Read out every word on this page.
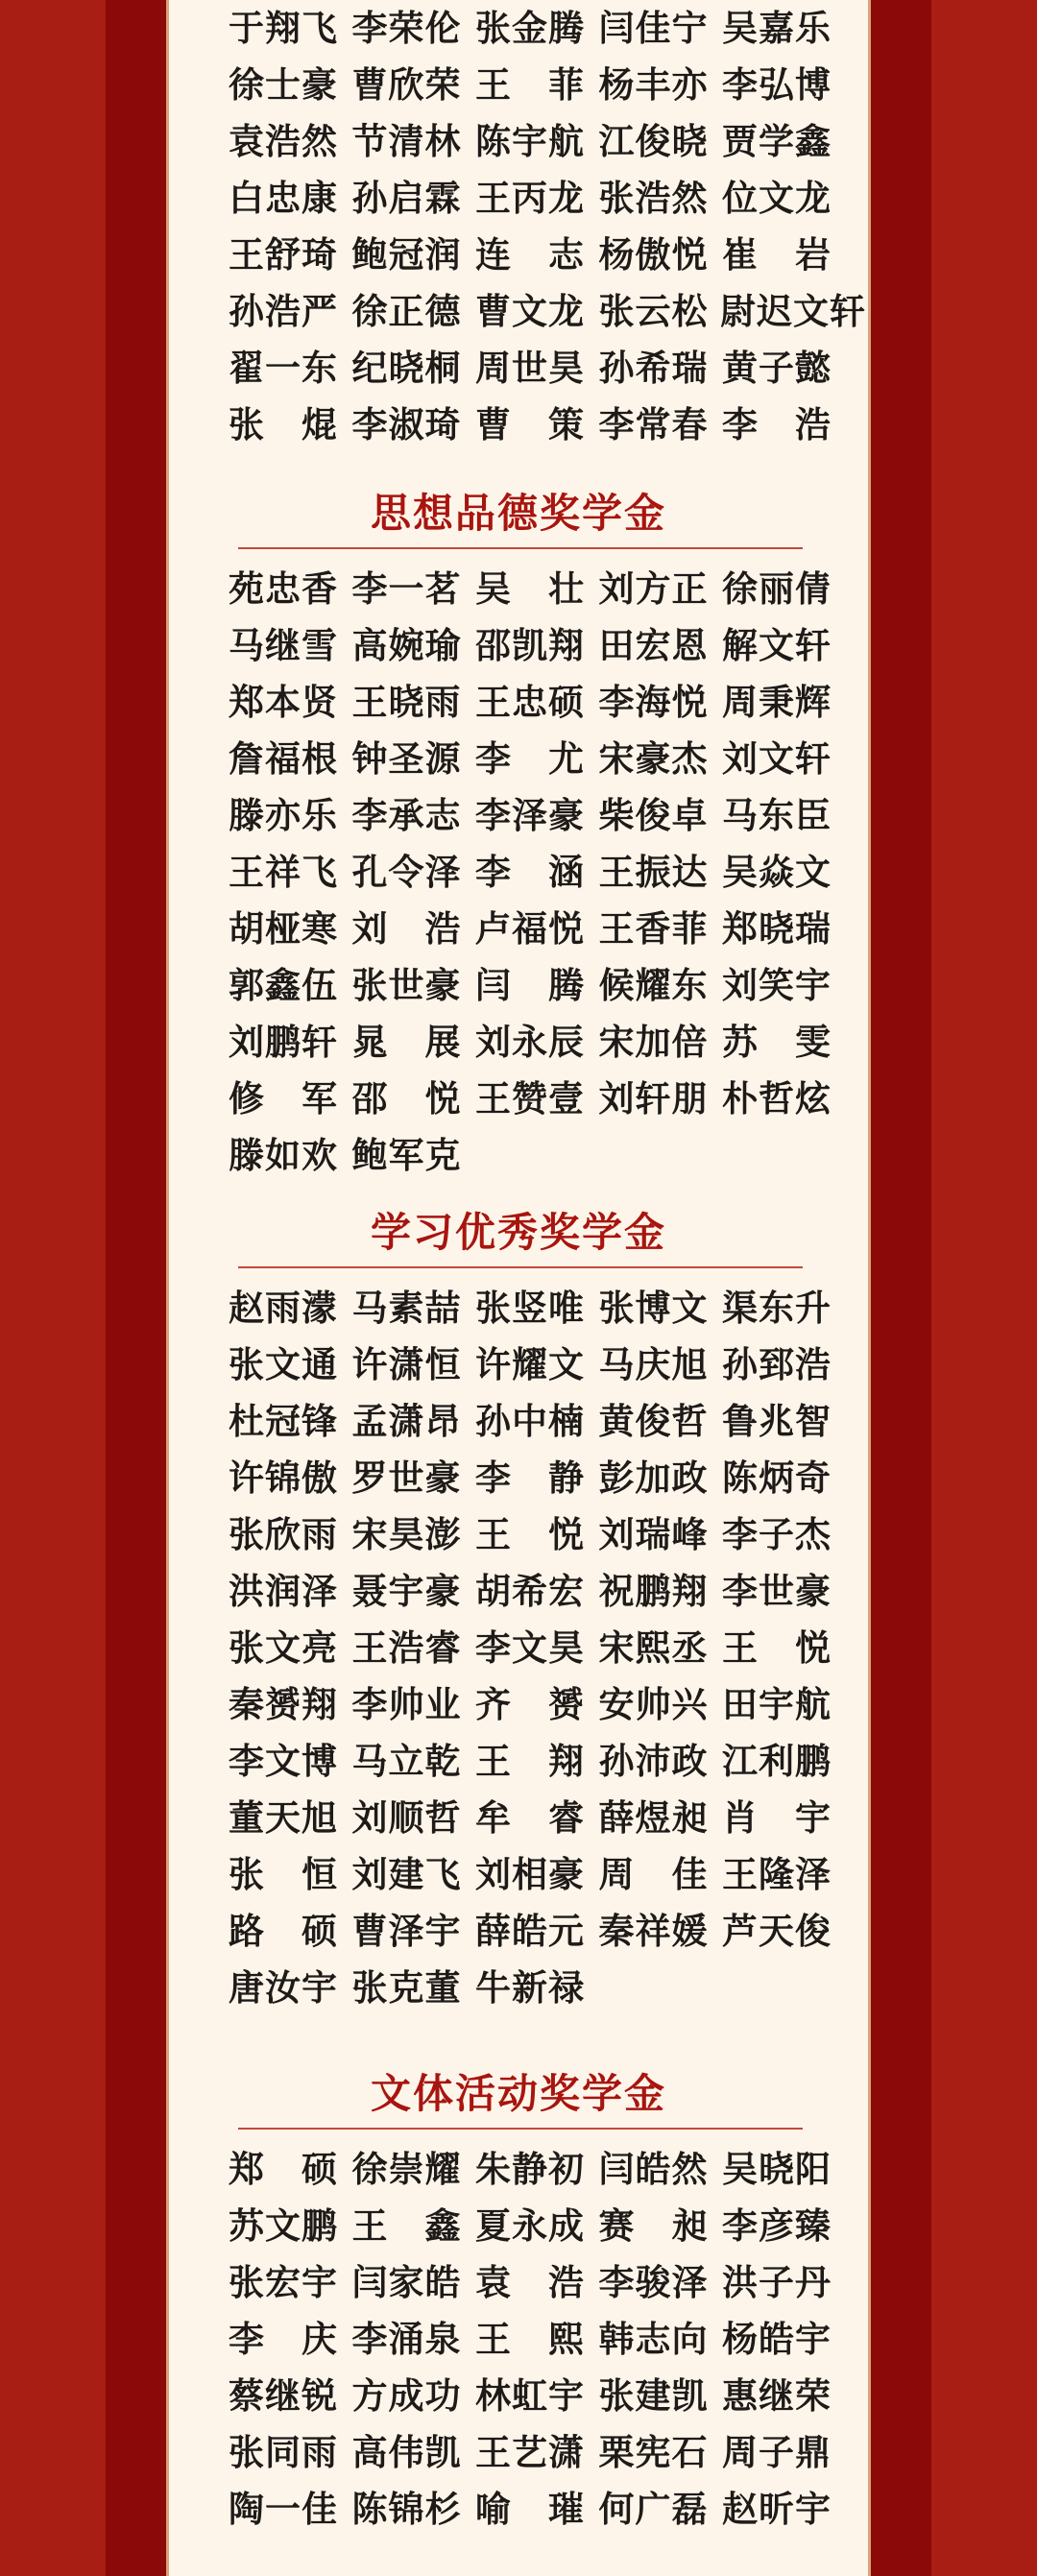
于翔飞 李荣伦 张金腾 闫佳宁 吴嘉乐
徐士豪 曹欣荣 王　菲 杨丰亦 李弘博
袁浩然 节清林 陈宇航 江俊晓 贾学鑫
白忠康 孙启霖 王丙龙 张浩然 位文龙
王舒琦 鲍冠润 连　志 杨傲悦 崔　岩
孙浩严 徐正德 曹文龙 张云松 尉迟文轩
翟一东 纪晓桐 周世昊 孙希瑞 黄子懿
张　焜 李淑琦 曹　策 李常春 李　浩
思想品德奖学金
苑忠香 李一茗 吴　壮 刘方正 徐丽倩
马继雪 高婉瑜 邵凯翔 田宏恩 解文轩
郑本贤 王晓雨 王忠硕 李海悦 周秉辉
詹福根 钟圣源 李　尤 宋豪杰 刘文轩
滕亦乐 李承志 李泽豪 柴俊卓 马东臣
王祥飞 孔令泽 李　涵 王振达 吴焱文
胡桠寒 刘　浩 卢福悦 王香菲 郑晓瑞
郭鑫伍 张世豪 闫　腾 候耀东 刘笑宇
刘鹏轩 晁　展 刘永辰 宋加倍 苏　雯
修　军 邵　悦 王赞壹 刘轩朋 朴哲炫
滕如欢 鲍军克
学习优秀奖学金
赵雨濛 马素喆 张竖唯 张博文 渠东升
张文通 许潇恒 许耀文 马庆旭 孙郅浩
杜冠锋 孟潇昂 孙中楠 黄俊哲 鲁兆智
许锦傲 罗世豪 李　静 彭加政 陈炳奇
张欣雨 宋昊澎 王　悦 刘瑞峰 李子杰
洪润泽 聂宇豪 胡希宏 祝鹏翔 李世豪
张文亮 王浩睿 李文昊 宋熙丞 王　悦
秦赟翔 李帅业 齐　赟 安帅兴 田宇航
李文博 马立乾 王　翔 孙沛政 江利鹏
董天旭 刘顺哲 牟　睿 薛煜昶 肖　宇
张　恒 刘建飞 刘相豪 周　佳 王隆泽
路　硕 曹泽宇 薛皓元 秦祥媛 芦天俊
唐汝宇 张克董 牛新禄
文体活动奖学金
郑　硕 徐崇耀 朱静初 闫皓然 吴晓阳
苏文鹏 王　鑫 夏永成 赛　昶 李彦臻
张宏宇 闫家皓 袁　浩 李骏泽 洪子丹
李　庆 李涌泉 王　熙 韩志向 杨皓宇
蔡继锐 方成功 林虹宇 张建凯 惠继荣
张同雨 高伟凯 王艺潇 栗宪石 周子鼎
陶一佳 陈锦杉 喻　璀 何广磊 赵昕宇
